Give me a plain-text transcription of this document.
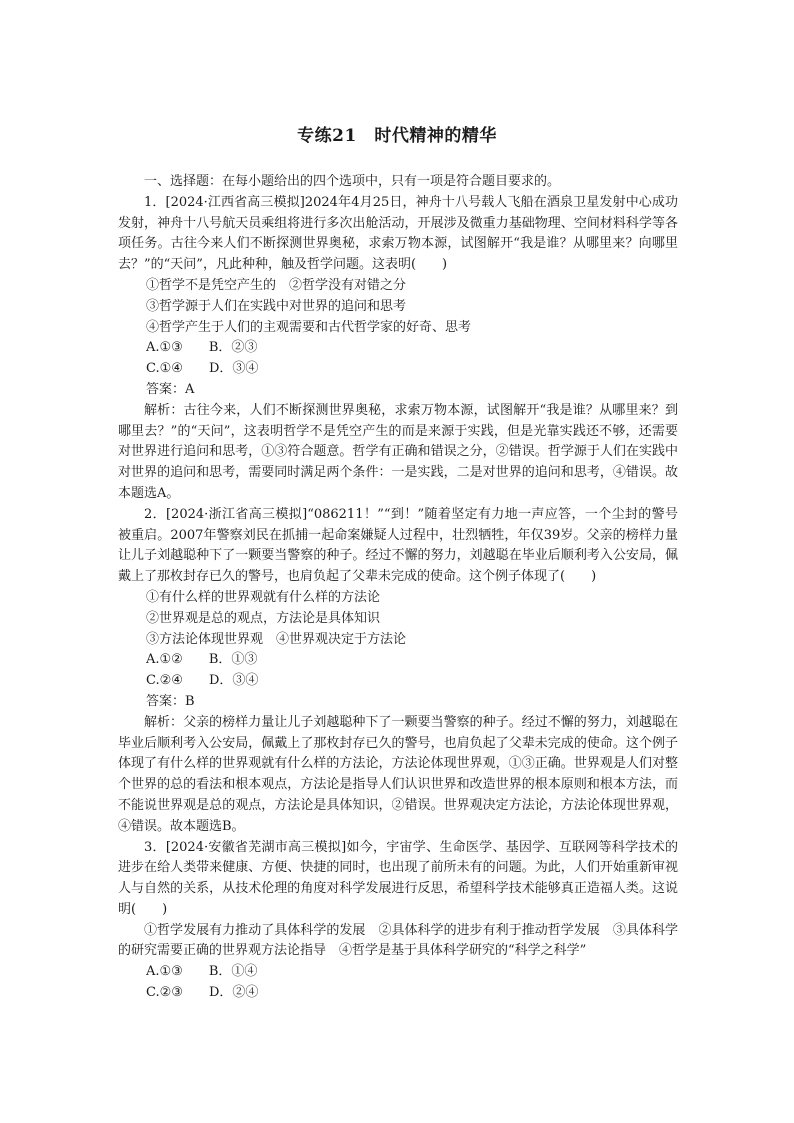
专练21　时代精神的精华

一、选择题：在每小题给出的四个选项中，只有一项是符合题目要求的。

1．[2024·江西省高三模拟]2024年4月25日，神舟十八号载人飞船在酒泉卫星发射中心成功发射，神舟十八号航天员乘组将进行多次出舱活动，开展涉及微重力基础物理、空间材料科学等各项任务。古往今来人们不断探测世界奥秘，求索万物本源，试图解开“我是谁？从哪里来？向哪里去？”的“天问”，凡此种种，触及哲学问题。这表明(　　)

①哲学不是凭空产生的　②哲学没有对错之分

③哲学源于人们在实践中对世界的追问和思考

④哲学产生于人们的主观需要和古代哲学家的好奇、思考

A.①③ B．②③

C.①④ D．③④

答案：A

解析：古往今来，人们不断探测世界奥秘，求索万物本源，试图解开“我是谁？从哪里来？到哪里去？”的“天问”，这表明哲学不是凭空产生的而是来源于实践，但是光靠实践还不够，还需要对世界进行追问和思考，①③符合题意。哲学有正确和错误之分，②错误。哲学源于人们在实践中对世界的追问和思考，需要同时满足两个条件：一是实践，二是对世界的追问和思考，④错误。故本题选A。

2．[2024·浙江省高三模拟]“086211！”“到！”随着坚定有力地一声应答，一个尘封的警号被重启。2007年警察刘民在抓捕一起命案嫌疑人过程中，壮烈牺牲，年仅39岁。父亲的榜样力量让儿子刘越聪种下了一颗要当警察的种子。经过不懈的努力，刘越聪在毕业后顺利考入公安局，佩戴上了那枚封存已久的警号，也肩负起了父辈未完成的使命。这个例子体现了(　　)

①有什么样的世界观就有什么样的方法论

②世界观是总的观点，方法论是具体知识

③方法论体现世界观　④世界观决定于方法论

A.①② B．①③

C.②④ D．③④

答案：B

解析：父亲的榜样力量让儿子刘越聪种下了一颗要当警察的种子。经过不懈的努力，刘越聪在毕业后顺利考入公安局，佩戴上了那枚封存已久的警号，也肩负起了父辈未完成的使命。这个例子体现了有什么样的世界观就有什么样的方法论，方法论体现世界观，①③正确。世界观是人们对整个世界的总的看法和根本观点，方法论是指导人们认识世界和改造世界的根本原则和根本方法，而不能说世界观是总的观点，方法论是具体知识，②错误。世界观决定方法论，方法论体现世界观，④错误。故本题选B。

3．[2024·安徽省芜湖市高三模拟]如今，宇宙学、生命医学、基因学、互联网等科学技术的进步在给人类带来健康、方便、快捷的同时，也出现了前所未有的问题。为此，人们开始重新审视人与自然的关系，从技术伦理的角度对科学发展进行反思，希望科学技术能够真正造福人类。这说明(　　)

①哲学发展有力推动了具体科学的发展　②具体科学的进步有利于推动哲学发展　③具体科学的研究需要正确的世界观方法论指导　④哲学是基于具体科学研究的“科学之科学”

A.①③ B．①④

C.②③ D．②④
